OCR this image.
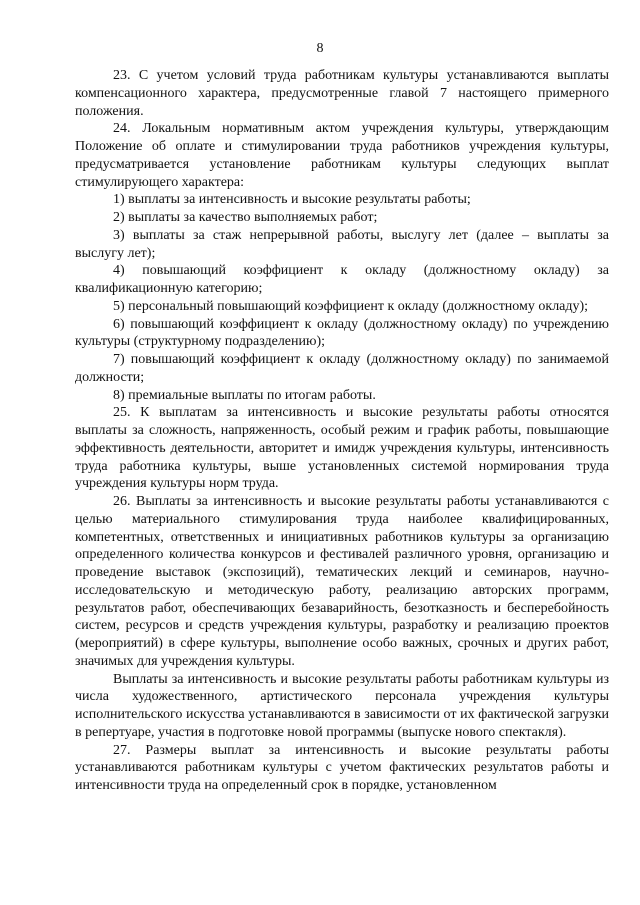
8

23. С учетом условий труда работникам культуры устанавливаются выплаты компенсационного характера, предусмотренные главой 7 настоящего примерного положения.

24. Локальным нормативным актом учреждения культуры, утверждающим Положение об оплате и стимулировании труда работников учреждения культуры, предусматривается установление работникам культуры следующих выплат стимулирующего характера:

1) выплаты за интенсивность и высокие результаты работы;

2) выплаты за качество выполняемых работ;

3) выплаты за стаж непрерывной работы, выслугу лет (далее – выплаты за выслугу лет);

4) повышающий коэффициент к окладу (должностному окладу) за квалификационную категорию;

5) персональный повышающий коэффициент к окладу (должностному окладу);

6) повышающий коэффициент к окладу (должностному окладу) по учреждению культуры (структурному подразделению);

7) повышающий коэффициент к окладу (должностному окладу) по занимаемой должности;

8) премиальные выплаты по итогам работы.

25. К выплатам за интенсивность и высокие результаты работы относятся выплаты за сложность, напряженность, особый режим и график работы, повышающие эффективность деятельности, авторитет и имидж учреждения культуры, интенсивность труда работника культуры, выше установленных системой нормирования труда учреждения культуры норм труда.

26. Выплаты за интенсивность и высокие результаты работы устанавливаются с целью материального стимулирования труда наиболее квалифицированных, компетентных, ответственных и инициативных работников культуры за организацию определенного количества конкурсов и фестивалей различного уровня, организацию и проведение выставок (экспозиций), тематических лекций и семинаров, научно-исследовательскую и методическую работу, реализацию авторских программ, результатов работ, обеспечивающих безаварийность, безотказность и бесперебойность систем, ресурсов и средств учреждения культуры, разработку и реализацию проектов (мероприятий) в сфере культуры, выполнение особо важных, срочных и других работ, значимых для учреждения культуры.

Выплаты за интенсивность и высокие результаты работы работникам культуры из числа художественного, артистического персонала учреждения культуры исполнительского искусства устанавливаются в зависимости от их фактической загрузки в репертуаре, участия в подготовке новой программы (выпуске нового спектакля).

27. Размеры выплат за интенсивность и высокие результаты работы устанавливаются работникам культуры с учетом фактических результатов работы и интенсивности труда на определенный срок в порядке, установленном
